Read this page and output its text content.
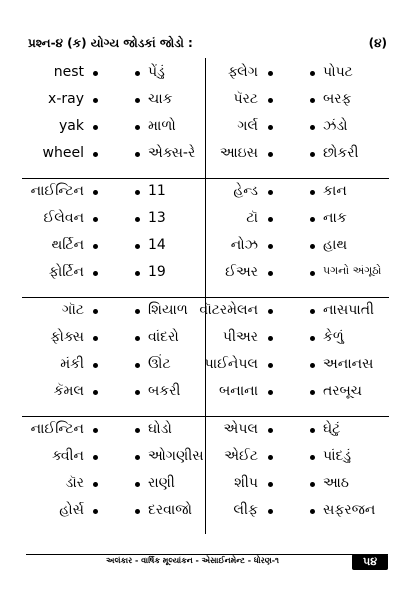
પ્રશ્ન-૪ (ક) યોગ્ય જોડકાં જોડો :	(૪)
nest	પેંડું
x-ray	ચાક
yak	માળો
wheel	એક્સ-રે
ફ્લેગ	પોપટ
પૅરટ	બરફ
ગર્લ	ઝંડો
આઇસ	છોકરી
નાઈન્ટિન	11
ઈલેવન	13
થર્ટિન	14
ફોર્ટિન	19
હેન્ડ	કાન
ટૉ	નાક
નોઝ	હાથ
ઈઅર	પગનો અંગૂઠો
ગૉટ	શિયાળ
ફોક્સ	વાંદરો
મંકી	ઊંટ
કૅમલ	બકરી
વૉટરમેલન	નાસપાતી
પીઅર	કેળું
પાઈનેપલ	અનાનસ
બનાના	તરબૂચ
નાઈન્ટિન	ઘોડો
ક્વીન	ઓગણીસ
ડૉર	રાણી
હોર્સ	દરવાજો
એપલ	ઘેટું
એઈટ	પાંદડું
શીપ	આઠ
લીફ	સફરજન
અલંકાર - વાર્ષિક મૂલ્યાંકન - એસાઈનમેન્ટ - ધોરણ-૧	૫૪
